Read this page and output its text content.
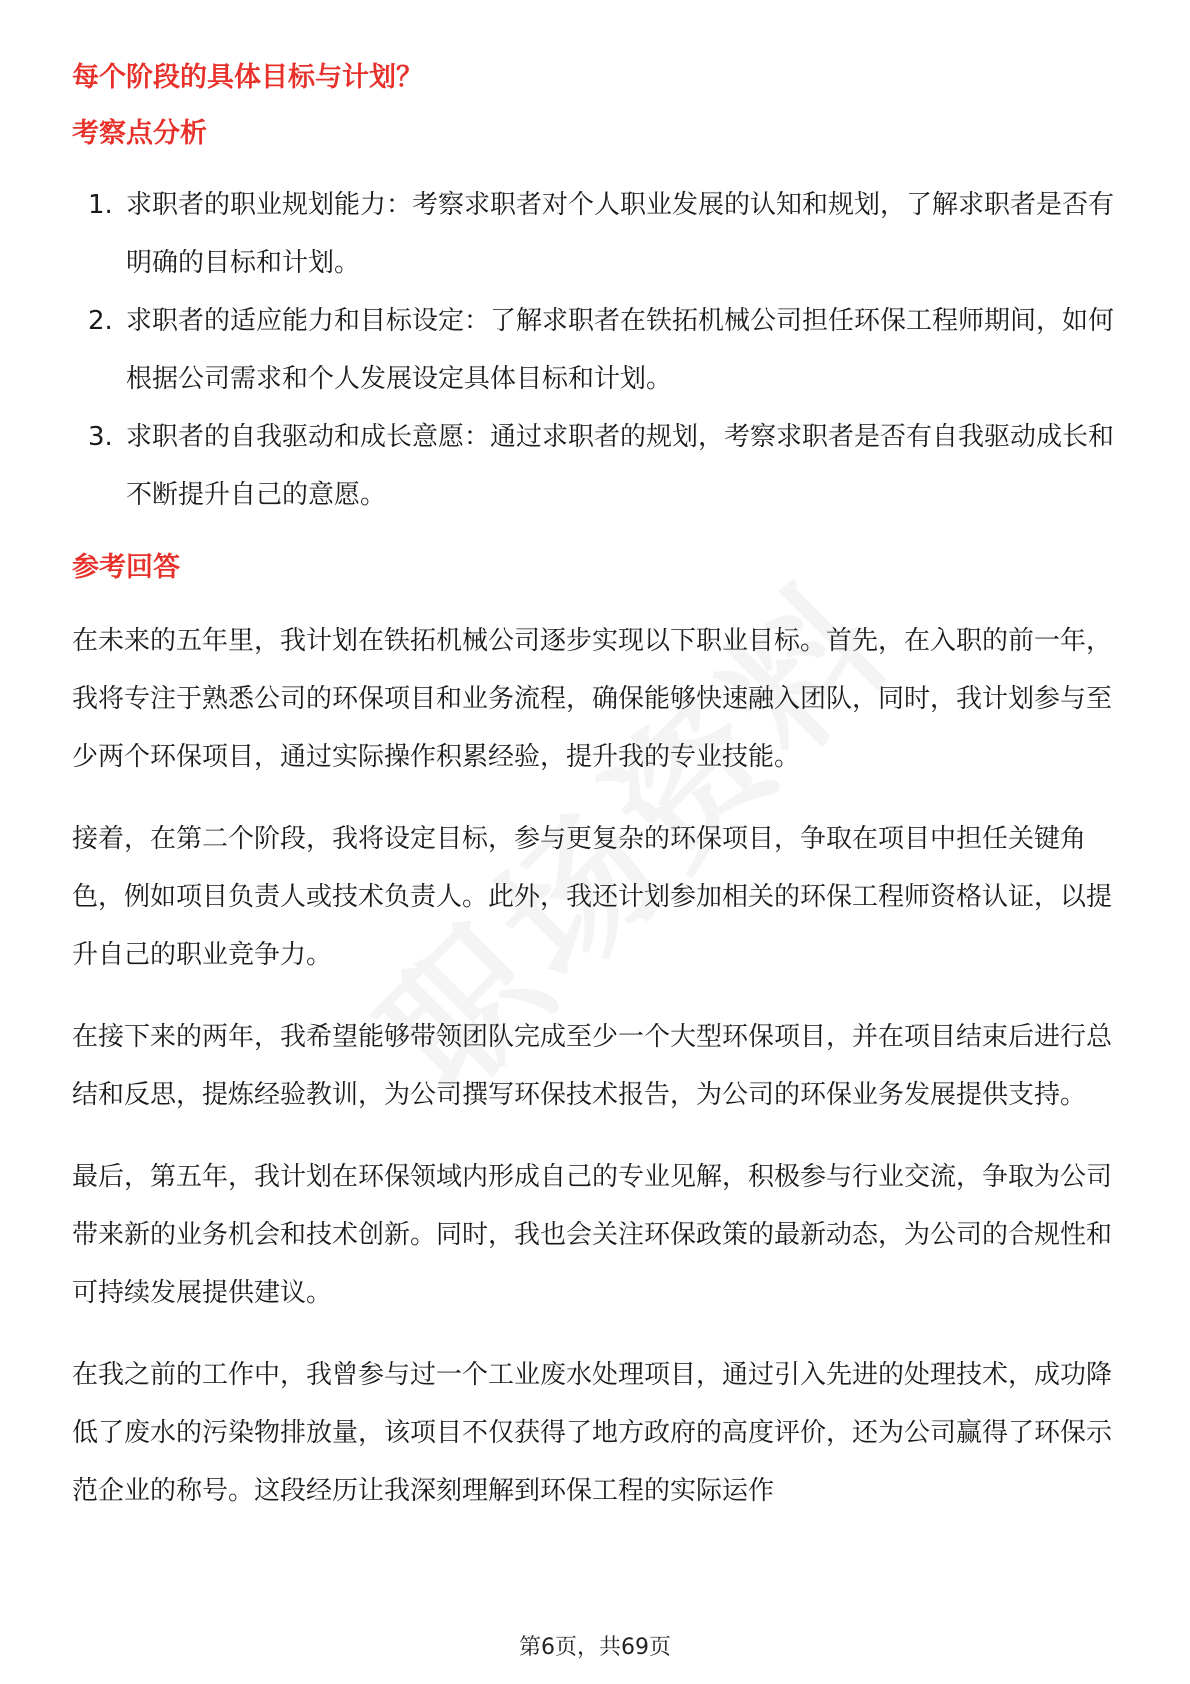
每个阶段的具体目标与计划？
考察点分析
1. 求职者的职业规划能力：考察求职者对个人职业发展的认知和规划，了解求职者是否有明确的目标和计划。
2. 求职者的适应能力和目标设定：了解求职者在铁拓机械公司担任环保工程师期间，如何根据公司需求和个人发展设定具体目标和计划。
3. 求职者的自我驱动和成长意愿：通过求职者的规划，考察求职者是否有自我驱动成长和不断提升自己的意愿。
参考回答

在未来的五年里，我计划在铁拓机械公司逐步实现以下职业目标。首先，在入职的前一年，我将专注于熟悉公司的环保项目和业务流程，确保能够快速融入团队，同时，我计划参与至少两个环保项目，通过实际操作积累经验，提升我的专业技能。

接着，在第二个阶段，我将设定目标，参与更复杂的环保项目，争取在项目中担任关键角色，例如项目负责人或技术负责人。此外，我还计划参加相关的环保工程师资格认证，以提升自己的职业竞争力。

在接下来的两年，我希望能够带领团队完成至少一个大型环保项目，并在项目结束后进行总结和反思，提炼经验教训，为公司撰写环保技术报告，为公司的环保业务发展提供支持。

最后，第五年，我计划在环保领域内形成自己的专业见解，积极参与行业交流，争取为公司带来新的业务机会和技术创新。同时，我也会关注环保政策的最新动态，为公司的合规性和可持续发展提供建议。

在我之前的工作中，我曾参与过一个工业废水处理项目，通过引入先进的处理技术，成功降低了废水的污染物排放量，该项目不仅获得了地方政府的高度评价，还为公司赢得了环保示范企业的称号。这段经历让我深刻理解到环保工程的实际运作

第6页，共69页
